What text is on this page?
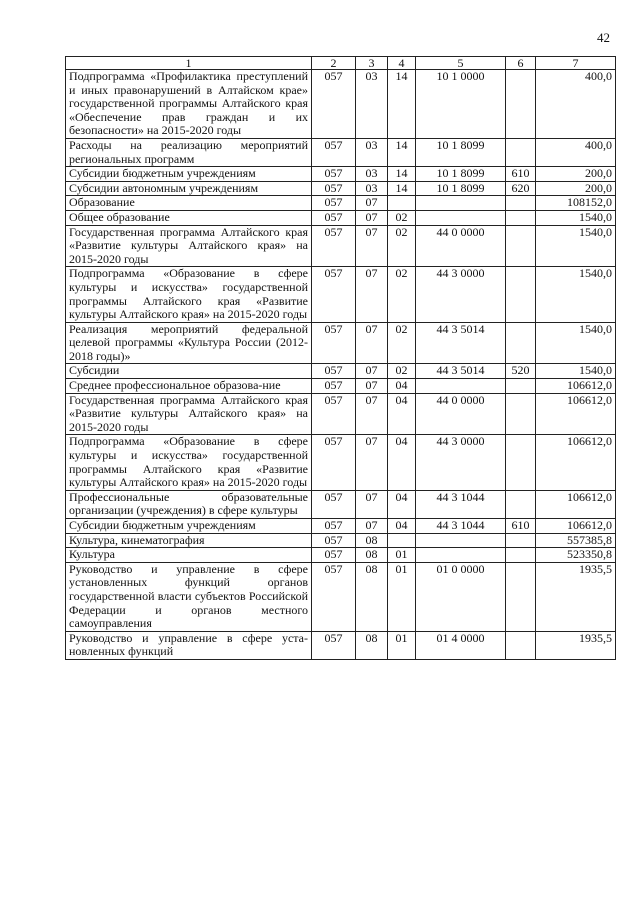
42
1	2	3	4	5	6	7
Подпрограмма «Профилактика преступлений и иных правонарушений в Алтайском крае» государственной программы Алтайского края «Обеспечение прав граждан и их безопасности» на 2015-2020 годы	057	03	14	10 1 0000		400,0
Расходы на реализацию мероприятий региональных программ	057	03	14	10 1 8099		400,0
Субсидии бюджетным учреждениям	057	03	14	10 1 8099	610	200,0
Субсидии автономным учреждениям	057	03	14	10 1 8099	620	200,0
Образование	057	07				108152,0
Общее образование	057	07	02			1540,0
Государственная программа Алтайского края «Развитие культуры Алтайского края» на 2015-2020 годы	057	07	02	44 0 0000		1540,0
Подпрограмма «Образование в сфере культуры и искусства» государственной программы Алтайского края «Развитие культуры Алтайского края» на 2015-2020 годы	057	07	02	44 3 0000		1540,0
Реализация мероприятий федеральной целевой программы «Культура России (2012-2018 годы)»	057	07	02	44 3 5014		1540,0
Субсидии	057	07	02	44 3 5014	520	1540,0
Среднее профессиональное образова-ние	057	07	04			106612,0
Государственная программа Алтайского края «Развитие культуры Алтайского края» на 2015-2020 годы	057	07	04	44 0 0000		106612,0
Подпрограмма «Образование в сфере культуры и искусства» государственной программы Алтайского края «Развитие культуры Алтайского края» на 2015-2020 годы	057	07	04	44 3 0000		106612,0
Профессиональные образовательные организации (учреждения) в сфере культуры	057	07	04	44 3 1044		106612,0
Субсидии бюджетным учреждениям	057	07	04	44 3 1044	610	106612,0
Культура, кинематография	057	08				557385,8
Культура	057	08	01			523350,8
Руководство и управление в сфере установленных функций органов государственной власти субъектов Российской Федерации и органов местного самоуправления	057	08	01	01 0 0000		1935,5
Руководство и управление в сфере уста-новленных функций	057	08	01	01 4 0000		1935,5
